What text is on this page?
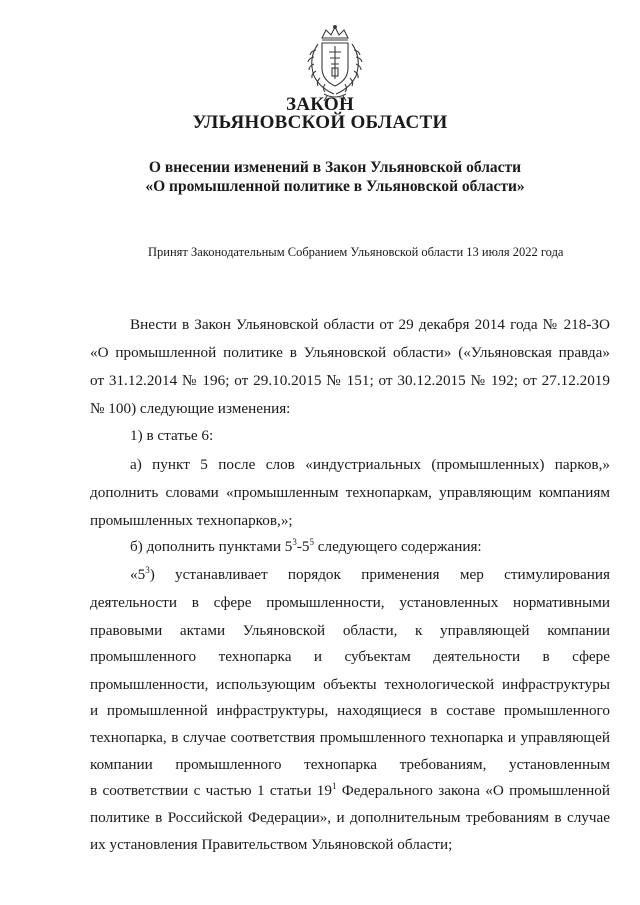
ЗАКОН
УЛЬЯНОВСКОЙ ОБЛАСТИ
О внесении изменений в Закон Ульяновской области
«О промышленной политике в Ульяновской области»
Принят Законодательным Собранием Ульяновской области 13 июля 2022 года
Внести в Закон Ульяновской области от 29 декабря 2014 года № 218-ЗО
«О промышленной политике в Ульяновской области» («Ульяновская правда»
от 31.12.2014 № 196; от 29.10.2015 № 151; от 30.12.2015 № 192; от 27.12.2019
№ 100) следующие изменения:
1) в статье 6:
а) пункт 5 после слов «индустриальных (промышленных) парков,»
дополнить словами «промышленным технопаркам, управляющим компаниям
промышленных технопарков,»;
б) дополнить пунктами $5^3-5^5$ следующего содержания:
«$5^3$) устанавливает порядок применения мер стимулирования
деятельности в сфере промышленности, установленных нормативными
правовыми актами Ульяновской области, к управляющей компании
промышленного технопарка и субъектам деятельности в сфере
промышленности, использующим объекты технологической инфраструктуры
и промышленной инфраструктуры, находящиеся в составе промышленного
технопарка, в случае соответствия промышленного технопарка и управляющей
компании промышленного технопарка требованиям, установленным
в соответствии с частью 1 статьи $19^1$ Федерального закона «О промышленной
политике в Российской Федерации», и дополнительным требованиям в случае
их установления Правительством Ульяновской области;
